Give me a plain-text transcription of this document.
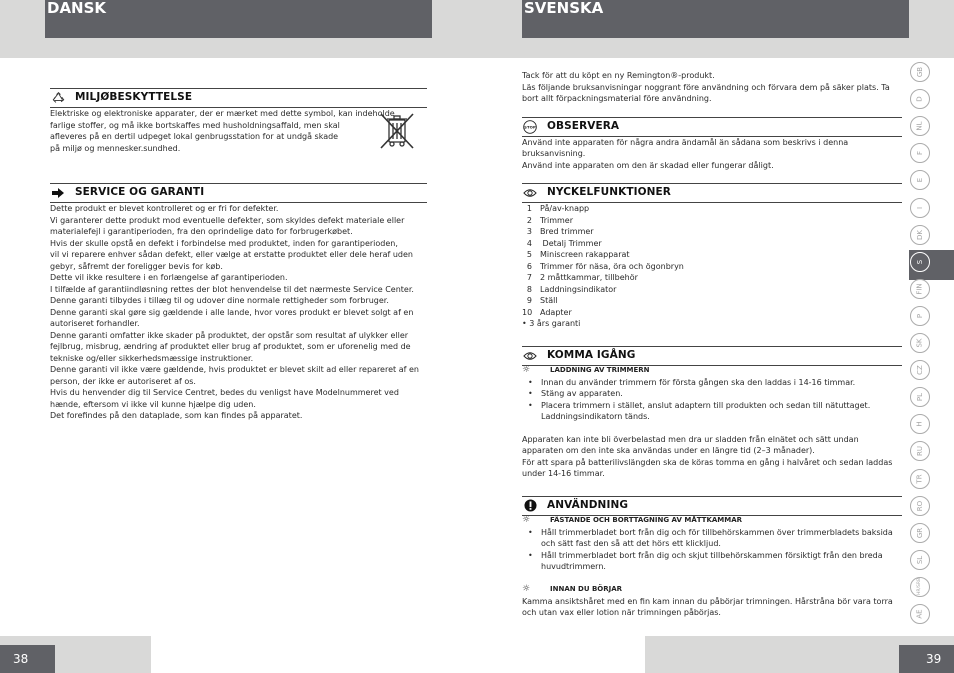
DANSK	SVENSKA
MILJØBESKYTTELSE
Elektriske og elektroniske apparater, der er mærket med dette symbol, kan indeholde
farlige stoffer, og må ikke bortskaffes med husholdningsaffald, men skal
afleveres på en dertil udpeget lokal genbrugsstation for at undgå skade
på miljø og mennesker.sundhed.
SERVICE OG GARANTI
Dette produkt er blevet kontrolleret og er fri for defekter.
Vi garanterer dette produkt mod eventuelle defekter, som skyldes defekt materiale eller
materialefejl i garantiperioden, fra den oprindelige dato for forbrugerkøbet.
Hvis der skulle opstå en defekt i forbindelse med produktet, inden for garantiperioden,
vil vi reparere enhver sådan defekt, eller vælge at erstatte produktet eller dele heraf uden
gebyr, såfremt der foreligger bevis for køb.
Dette vil ikke resultere i en forlængelse af garantiperioden.
I tilfælde af garantiindløsning rettes der blot henvendelse til det nærmeste Service Center.
Denne garanti tilbydes i tillæg til og udover dine normale rettigheder som forbruger.
Denne garanti skal gøre sig gældende i alle lande, hvor vores produkt er blevet solgt af en
autoriseret forhandler.
Denne garanti omfatter ikke skader på produktet, der opstår som resultat af ulykker eller
fejlbrug, misbrug, ændring af produktet eller brug af produktet, som er uforenelig med de
tekniske og/eller sikkerhedsmæssige instruktioner.
Denne garanti vil ikke være gældende, hvis produktet er blevet skilt ad eller repareret af en
person, der ikke er autoriseret af os.
Hvis du henvender dig til Service Centret, bedes du venligst have Modelnummeret ved
hænde, eftersom vi ikke vil kunne hjælpe dig uden.
Det forefindes på den dataplade, som kan findes på apparatet.
Tack för att du köpt en ny Remington®-produkt.
Läs följande bruksanvisningar noggrant före användning och förvara dem på säker plats. Ta
bort allt förpackningsmaterial före användning.
STOP OBSERVERA
Använd inte apparaten för några andra ändamål än sådana som beskrivs i denna
bruksanvisning.
Använd inte apparaten om den är skadad eller fungerar dåligt.
NYCKELFUNKTIONER
1	På/av-knapp
2	Trimmer
3	Bred trimmer
4	Detalj Trimmer
5	Miniscreen rakapparat
6	Trimmer för näsa, öra och ögonbryn
7	2 måttkammar, tillbehör
8	Laddningsindikator
9	Ställ
10 Adapter
• 3 års garanti
KOMMA IGÅNG
☼	LADDNING AV TRIMMERN
• Innan du använder trimmern för första gången ska den laddas i 14-16 timmar.
• Stäng av apparaten.
• Placera trimmern i stället, anslut adaptern till produkten och sedan till nätuttaget.
Laddningsindikatorn tänds.
Apparaten kan inte bli överbelastad men dra ur sladden från elnätet och sätt undan
apparaten om den inte ska användas under en längre tid (2–3 månader).
För att spara på batterilivslängden ska de köras tomma en gång i halvåret och sedan laddas
under 14-16 timmar.
ANVÄNDNING
☼	FÄSTANDE OCH BORTTAGNING AV MÅTTKAMMAR
• Håll trimmerbladet bort från dig och för tillbehörskammen över trimmerbladets baksida
och sätt fast den så att det hörs ett klickljud.
• Håll trimmerbladet bort från dig och skjut tillbehörskammen försiktigt från den breda
huvudtrimmern.
☼	INNAN DU BÖRJAR
Kamma ansiktshåret med en fin kam innan du påbörjar trimningen. Hårstråna bör vara torra
och utan vax eller lotion när trimningen påbörjas.
GB
D
NL
F
E
I
DK
S
FIN
P
SK
CZ
PL
H
RU
TR
RO
GR
SL
HR/SRB
AE
38	39
